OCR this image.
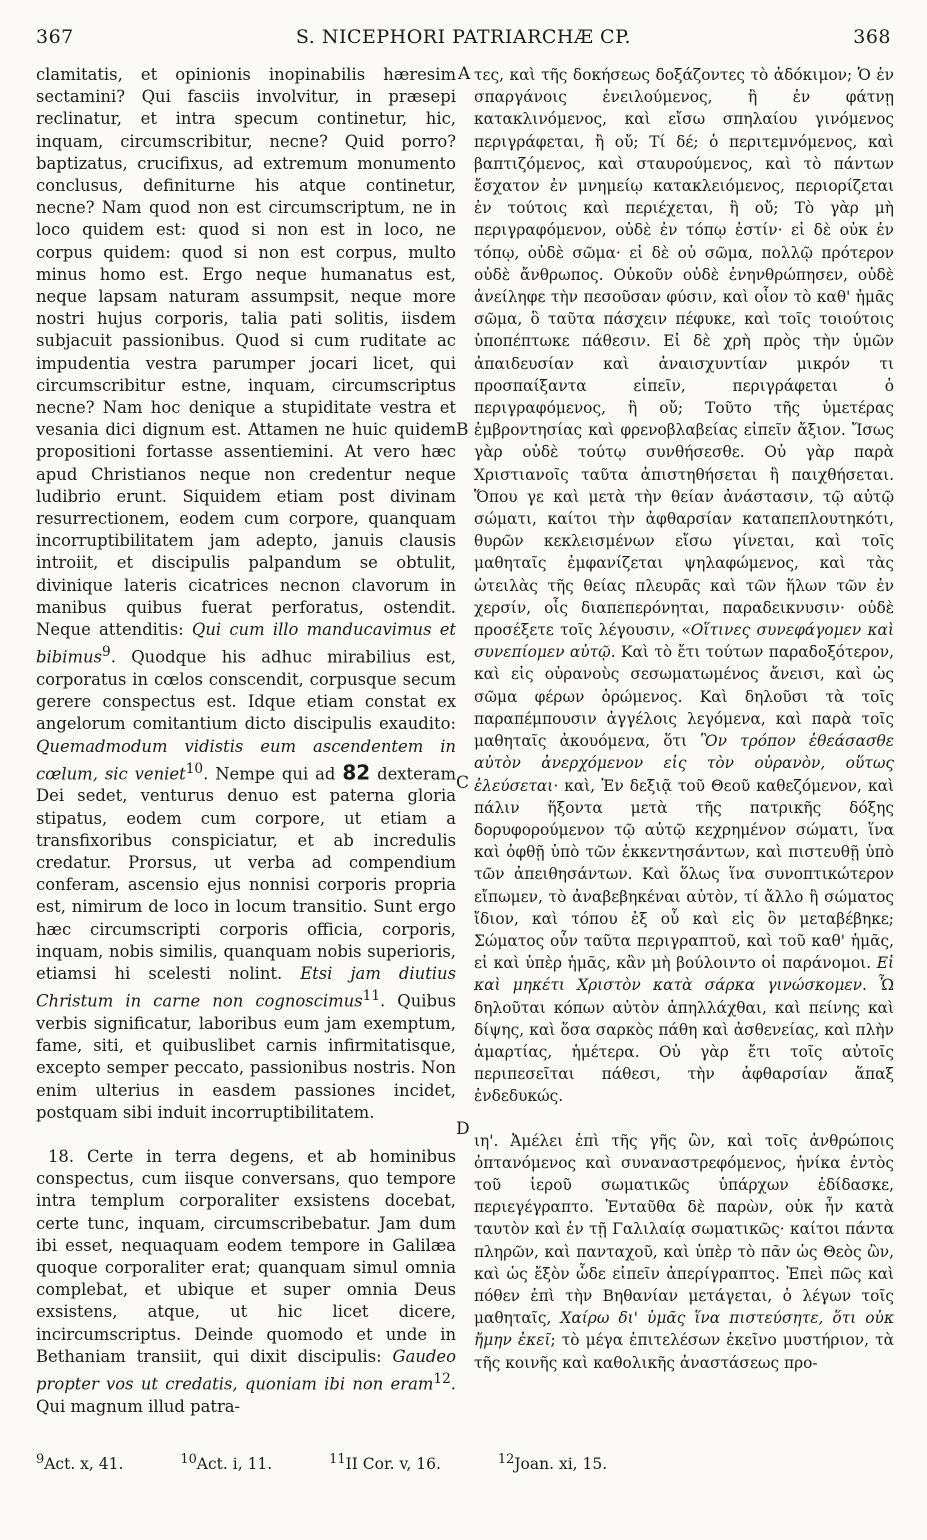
367	S. NICEPHORI PATRIARCHÆ CP.	368

clamitatis, et opinionis inopinabilis hæresim sectamini? Qui fasciis involvitur, in præsepi reclinatur, et intra specum continetur, hic, inquam, circumscribitur, necne? Quid porro? baptizatus, crucifixus, ad extremum monumento conclusus, definiturne his atque continetur, necne? Nam quod non est circumscriptum, ne in loco quidem est: quod si non est in loco, ne corpus quidem: quod si non est corpus, multo minus homo est. Ergo neque humanatus est, neque lapsam naturam assumpsit, neque more nostri hujus corporis, talia pati solitis, iisdem subjacuit passionibus. Quod si cum ruditate ac impudentia vestra parumper jocari licet, qui circumscribitur estne, inquam, circumscriptus necne? Nam hoc denique a stupiditate vestra et vesania dici dignum est. Attamen ne huic quidem propositioni fortasse assentiemini. At vero hæc apud Christianos neque non credentur neque ludibrio erunt. Siquidem etiam post divinam resurrectionem, eodem cum corpore, quanquam incorruptibilitatem jam adepto, januis clausis introiit, et discipulis palpandum se obtulit, divinique lateris cicatrices necnon clavorum in manibus quibus fuerat perforatus, ostendit. Neque attenditis: Qui cum illo manducavimus et bibimus$^9$. Quodque his adhuc mirabilius est, corporatus in cœlos conscendit, corpusque secum gerere conspectus est. Idque etiam constat ex angelorum comitantium dicto discipulis exaudito: Quemadmodum vidistis eum ascendentem in cœlum, sic veniet$^{10}$. Nempe qui ad 82 dexteram Dei sedet, venturus denuo est paterna gloria stipatus, eodem cum corpore, ut etiam a transfixoribus conspiciatur, et ab incredulis credatur. Prorsus, ut verba ad compendium conferam, ascensio ejus nonnisi corporis propria est, nimirum de loco in locum transitio. Sunt ergo hæc circumscripti corporis officia, corporis, inquam, nobis similis, quanquam nobis superioris, etiamsi hi scelesti nolint. Etsi jam diutius Christum in carne non cognoscimus$^{11}$. Quibus verbis significatur, laboribus eum jam exemptum, fame, siti, et quibuslibet carnis infirmitatisque, excepto semper peccato, passionibus nostris. Non enim ulterius in easdem passiones incidet, postquam sibi induit incorruptibilitatem.

18. Certe in terra degens, et ab hominibus conspectus, cum iisque conversans, quo tempore intra templum corporaliter exsistens docebat, certe tunc, inquam, circumscribebatur. Jam dum ibi esset, nequaquam eodem tempore in Galilæa quoque corporaliter erat; quanquam simul omnia complebat, et ubique et super omnia Deus exsistens, atque, ut hic licet dicere, incircumscriptus. Deinde quomodo et unde in Bethaniam transiit, qui dixit discipulis: Gaudeo propter vos ut credatis, quoniam ibi non eram$^{12}$. Qui magnum illud patra-

A
B
C
D

τες, καὶ τῆς δοκήσεως δοξάζοντες τὸ ἀδόκιμον; Ὁ ἐν σπαργάνοις ἐνειλούμενος, ἢ ἐν φάτνῃ κατακλινόμενος, καὶ εἴσω σπηλαίου γινόμενος περιγράφεται, ἢ οὔ; Τί δέ; ὁ περιτεμνόμενος, καὶ βαπτιζόμενος, καὶ σταυρούμενος, καὶ τὸ πάντων ἔσχατον ἐν μνημείῳ κατακλειόμενος, περιορίζεται ἐν τούτοις καὶ περιέχεται, ἢ οὔ; Τὸ γὰρ μὴ περιγραφόμενον, οὐδὲ ἐν τόπῳ ἐστίν· εἰ δὲ οὐκ ἐν τόπῳ, οὐδὲ σῶμα· εἰ δὲ οὐ σῶμα, πολλῷ πρότερον οὐδὲ ἄνθρωπος. Οὐκοῦν οὐδὲ ἐνηνθρώπησεν, οὐδὲ ἀνείληφε τὴν πεσοῦσαν φύσιν, καὶ οἷον τὸ καθ' ἡμᾶς σῶμα, ὃ ταῦτα πάσχειν πέφυκε, καὶ τοῖς τοιούτοις ὑποπέπτωκε πάθεσιν. Εἰ δὲ χρὴ πρὸς τὴν ὑμῶν ἀπαιδευσίαν καὶ ἀναισχυντίαν μικρόν τι προσπαίξαντα εἰπεῖν, περιγράφεται ὁ περιγραφόμενος, ἢ οὔ; Τοῦτο τῆς ὑμετέρας ἐμβροντησίας καὶ φρενοβλαβείας εἰπεῖν ἄξιον. Ἴσως γὰρ οὐδὲ τούτῳ συνθήσεσθε. Οὐ γὰρ παρὰ Χριστιανοῖς ταῦτα ἀπιστηθήσεται ἢ παιχθήσεται. Ὅπου γε καὶ μετὰ τὴν θείαν ἀνάστασιν, τῷ αὐτῷ σώματι, καίτοι τὴν ἀφθαρσίαν καταπεπλουτηκότι, θυρῶν κεκλεισμένων εἴσω γίνεται, καὶ τοῖς μαθηταῖς ἐμφανίζεται ψηλαφώμενος, καὶ τὰς ὠτειλὰς τῆς θείας πλευρᾶς καὶ τῶν ἥλων τῶν ἐν χερσίν, οἷς διαπεπερόνηται, παραδεικνυσιν· οὐδὲ προσέξετε τοῖς λέγουσιν, «Οἵτινες συνεφάγομεν καὶ συνεπίομεν αὐτῷ. Καὶ τὸ ἔτι τούτων παραδοξότερον, καὶ εἰς οὐρανοὺς σεσωματωμένος ἄνεισι, καὶ ὡς σῶμα φέρων ὁρώμενος. Καὶ δηλοῦσι τὰ τοῖς παραπέμπουσιν ἀγγέλοις λεγόμενα, καὶ παρὰ τοῖς μαθηταῖς ἀκουόμενα, ὅτι Ὃν τρόπον ἐθεάσασθε αὐτὸν ἀνερχόμενον εἰς τὸν οὐρανὸν, οὕτως ἐλεύσεται· καὶ, Ἐν δεξιᾷ τοῦ Θεοῦ καθεζόμενον, καὶ πάλιν ἥξοντα μετὰ τῆς πατρικῆς δόξης δορυφορούμενον τῷ αὐτῷ κεχρημένον σώματι, ἵνα καὶ ὀφθῇ ὑπὸ τῶν ἐκκεντησάντων, καὶ πιστευθῇ ὑπὸ τῶν ἀπειθησάντων. Καὶ ὅλως ἵνα συνοπτικώτερον εἴπωμεν, τὸ ἀναβεβηκέναι αὐτὸν, τί ἄλλο ἢ σώματος ἴδιον, καὶ τόπου ἐξ οὗ καὶ εἰς ὃν μεταβέβηκε; Σώματος οὖν ταῦτα περιγραπτοῦ, καὶ τοῦ καθ' ἡμᾶς, εἰ καὶ ὑπὲρ ἡμᾶς, κἂν μὴ βούλοιντο οἱ παράνομοι. Εἰ καὶ μηκέτι Χριστὸν κατὰ σάρκα γινώσκομεν. Ὧ δηλοῦται κόπων αὐτὸν ἀπηλλάχθαι, καὶ πείνης καὶ δίψης, καὶ ὅσα σαρκὸς πάθη καὶ ἀσθενείας, καὶ πλὴν ἁμαρτίας, ἡμέτερα. Οὐ γὰρ ἔτι τοῖς αὐτοῖς περιπεσεῖται πάθεσι, τὴν ἀφθαρσίαν ἅπαξ ἐνδεδυκώς.

ιη'. Ἀμέλει ἐπὶ τῆς γῆς ὢν, καὶ τοῖς ἀνθρώποις ὀπτανόμενος καὶ συναναστρεφόμενος, ἡνίκα ἐντὸς τοῦ ἱεροῦ σωματικῶς ὑπάρχων ἐδίδασκε, περιεγέγραπτο. Ἐνταῦθα δὲ παρὼν, οὐκ ἦν κατὰ ταυτὸν καὶ ἐν τῇ Γαλιλαίᾳ σωματικῶς· καίτοι πάντα πληρῶν, καὶ πανταχοῦ, καὶ ὑπὲρ τὸ πᾶν ὡς Θεὸς ὢν, καὶ ὡς ἔξὸν ὧδε εἰπεῖν ἀπερίγραπτος. Ἐπεὶ πῶς καὶ πόθεν ἐπὶ τὴν Βηθανίαν μετάγεται, ὁ λέγων τοῖς μαθηταῖς, Χαίρω δι' ὑμᾶς ἵνα πιστεύσητε, ὅτι οὐκ ἤμην ἐκεῖ; τὸ μέγα ἐπιτελέσων ἐκεῖνο μυστήριον, τὰ τῆς κοινῆς καὶ καθολικῆς ἀναστάσεως προ-

$^9$Act. x, 41.	$^{10}$Act. i, 11.	$^{11}$II Cor. v, 16.	$^{12}$Joan. xi, 15.
